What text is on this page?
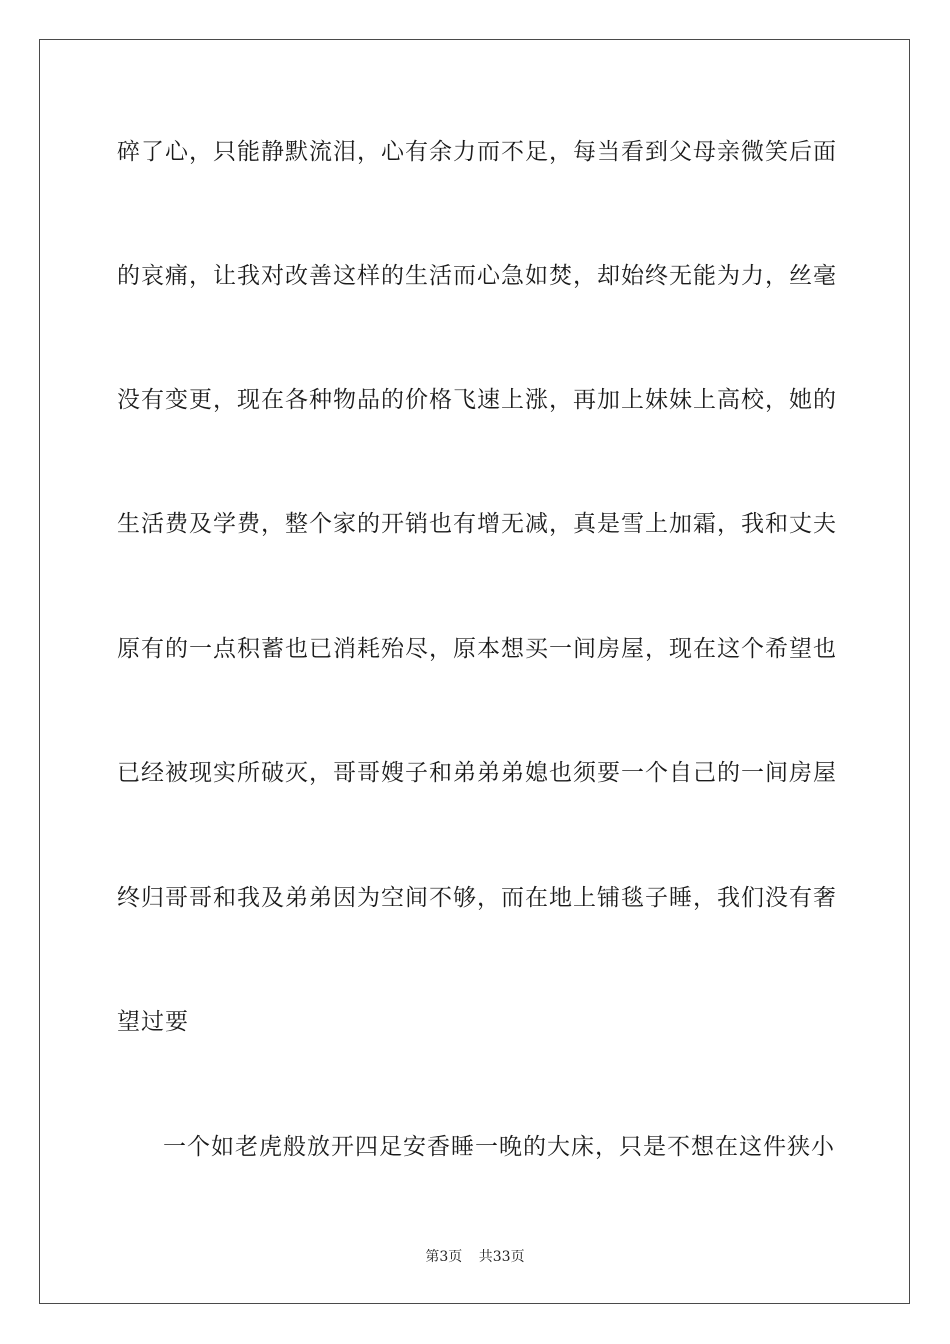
碎了心，只能静默流泪，心有余力而不足，每当看到父母亲微笑后面
的哀痛，让我对改善这样的生活而心急如焚，却始终无能为力，丝毫
没有变更，现在各种物品的价格飞速上涨，再加上妹妹上高校，她的
生活费及学费，整个家的开销也有增无减，真是雪上加霜，我和丈夫
原有的一点积蓄也已消耗殆尽，原本想买一间房屋，现在这个希望也
已经被现实所破灭，哥哥嫂子和弟弟弟媳也须要一个自己的一间房屋
终归哥哥和我及弟弟因为空间不够，而在地上铺毯子睡，我们没有奢
望过要
一个如老虎般放开四足安香睡一晚的大床，只是不想在这件狭小
第3页 共33页
